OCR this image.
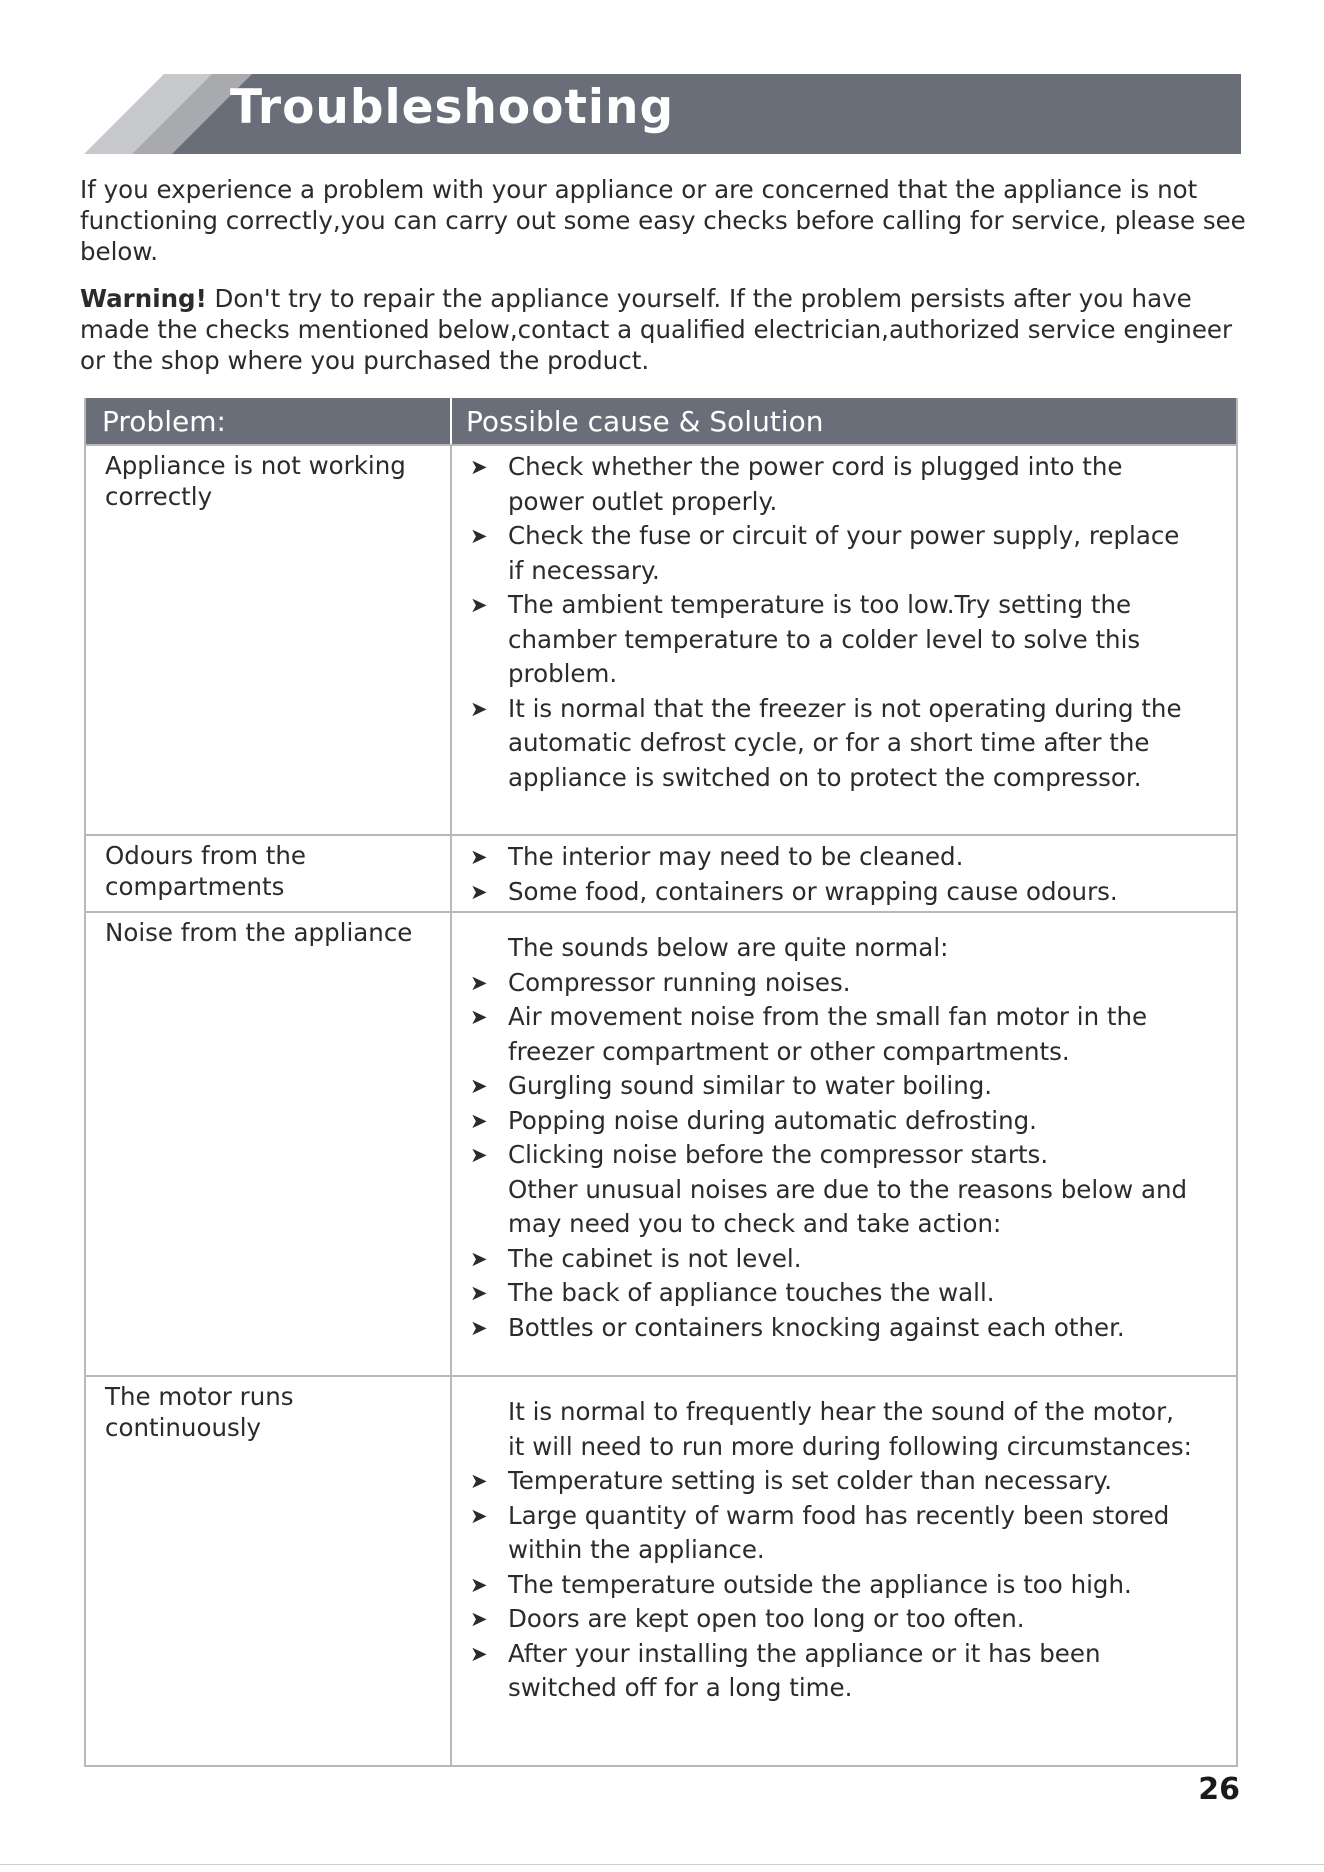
Troubleshooting

If you experience a problem with your appliance or are concerned that the appliance is not functioning correctly,you can carry out some easy checks before calling for service, please see below.

Warning! Don't try to repair the appliance yourself. If the problem persists after you have made the checks mentioned below,contact a qualified electrician,authorized service engineer or the shop where you purchased the product.

Problem:	Possible cause & Solution
Appliance is not working correctly
➤ Check whether the power cord is plugged into the power outlet properly.
➤ Check the fuse or circuit of your power supply, replace if necessary.
➤ The ambient temperature is too low.Try setting the chamber temperature to a colder level to solve this problem.
➤ It is normal that the freezer is not operating during the automatic defrost cycle, or for a short time after the appliance is switched on to protect the compressor.
Odours from the compartments
➤ The interior may need to be cleaned.
➤ Some food, containers or wrapping cause odours.
Noise from the appliance
The sounds below are quite normal:
➤ Compressor running noises.
➤ Air movement noise from the small fan motor in the freezer compartment or other compartments.
➤ Gurgling sound similar to water boiling.
➤ Popping noise during automatic defrosting.
➤ Clicking noise before the compressor starts.
Other unusual noises are due to the reasons below and may need you to check and take action:
➤ The cabinet is not level.
➤ The back of appliance touches the wall.
➤ Bottles or containers knocking against each other.
The motor runs continuously
It is normal to frequently hear the sound of the motor, it will need to run more during following circumstances:
➤ Temperature setting is set colder than necessary.
➤ Large quantity of warm food has recently been stored within the appliance.
➤ The temperature outside the appliance is too high.
➤ Doors are kept open too long or too often.
➤ After your installing the appliance or it has been switched off for a long time.
26
